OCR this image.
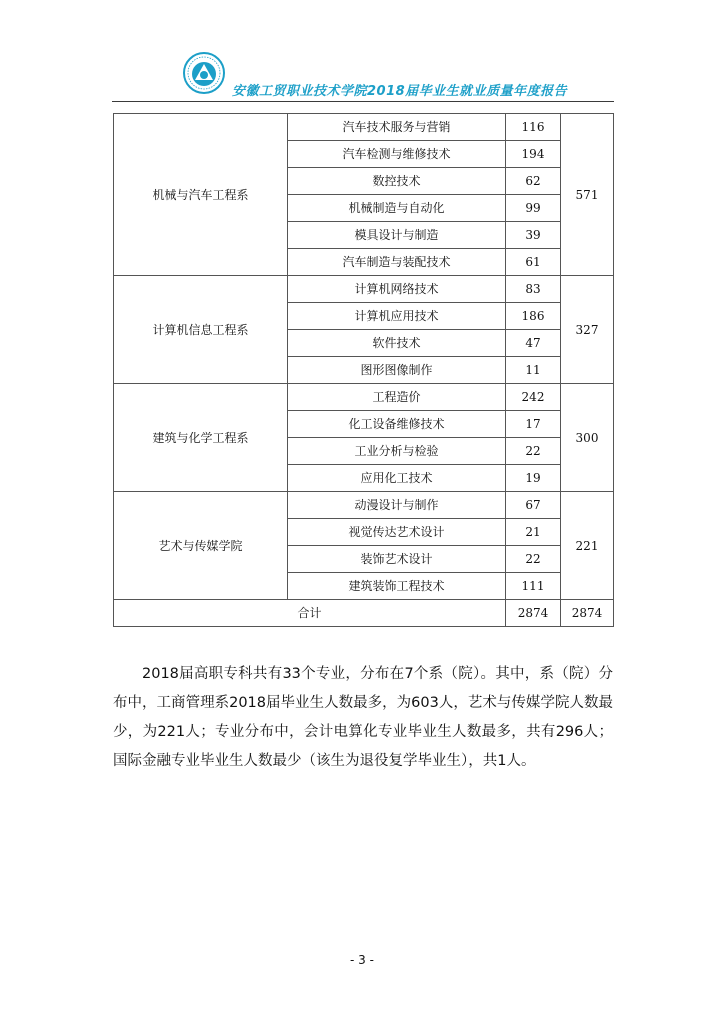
安徽工贸职业技术学院2018届毕业生就业质量年度报告
机械与汽车工程系	汽车技术服务与营销	116	571
	汽车检测与维修技术	194	
	数控技术	62	
	机械制造与自动化	99	
	模具设计与制造	39	
	汽车制造与装配技术	61	
计算机信息工程系	计算机网络技术	83	327
	计算机应用技术	186	
	软件技术	47	
	图形图像制作	11	
建筑与化学工程系	工程造价	242	300
	化工设备维修技术	17	
	工业分析与检验	22	
	应用化工技术	19	
艺术与传媒学院	动漫设计与制作	67	221
	视觉传达艺术设计	21	
	装饰艺术设计	22	
	建筑装饰工程技术	111	
合计		2874	2874

2018届高职专科共有33个专业，分布在7个系（院）。其中，系（院）分布中，工商管理系2018届毕业生人数最多，为603人，艺术与传媒学院人数最少，为221人；专业分布中，会计电算化专业毕业生人数最多，共有296人；国际金融专业毕业生人数最少（该生为退役复学毕业生），共1人。

- 3 -
